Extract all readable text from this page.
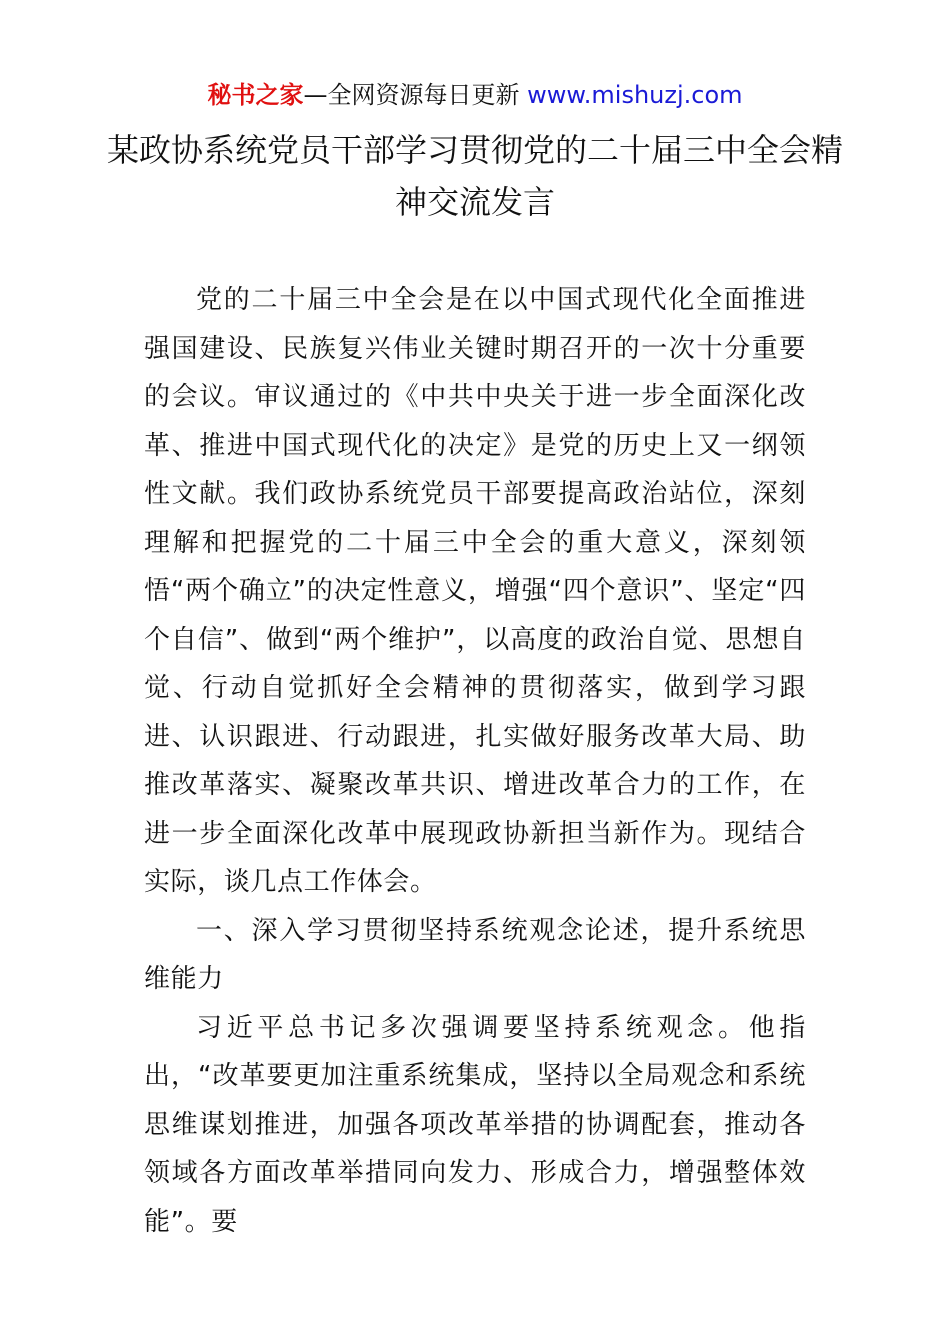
秘书之家—全网资源每日更新 www.mishuzj.com
某政协系统党员干部学习贯彻党的二十届三中全会精神交流发言

党的二十届三中全会是在以中国式现代化全面推进强国建设、民族复兴伟业关键时期召开的一次十分重要的会议。审议通过的《中共中央关于进一步全面深化改革、推进中国式现代化的决定》是党的历史上又一纲领性文献。我们政协系统党员干部要提高政治站位，深刻理解和把握党的二十届三中全会的重大意义，深刻领悟“两个确立”的决定性意义，增强“四个意识”、坚定“四个自信”、做到“两个维护”，以高度的政治自觉、思想自觉、行动自觉抓好全会精神的贯彻落实，做到学习跟进、认识跟进、行动跟进，扎实做好服务改革大局、助推改革落实、凝聚改革共识、增进改革合力的工作，在进一步全面深化改革中展现政协新担当新作为。现结合实际，谈几点工作体会。

一、深入学习贯彻坚持系统观念论述，提升系统思维能力

习近平总书记多次强调要坚持系统观念。他指出，“改革要更加注重系统集成，坚持以全局观念和系统思维谋划推进，加强各项改革举措的协调配套，推动各领域各方面改革举措同向发力、形成合力，增强整体效能”。要
